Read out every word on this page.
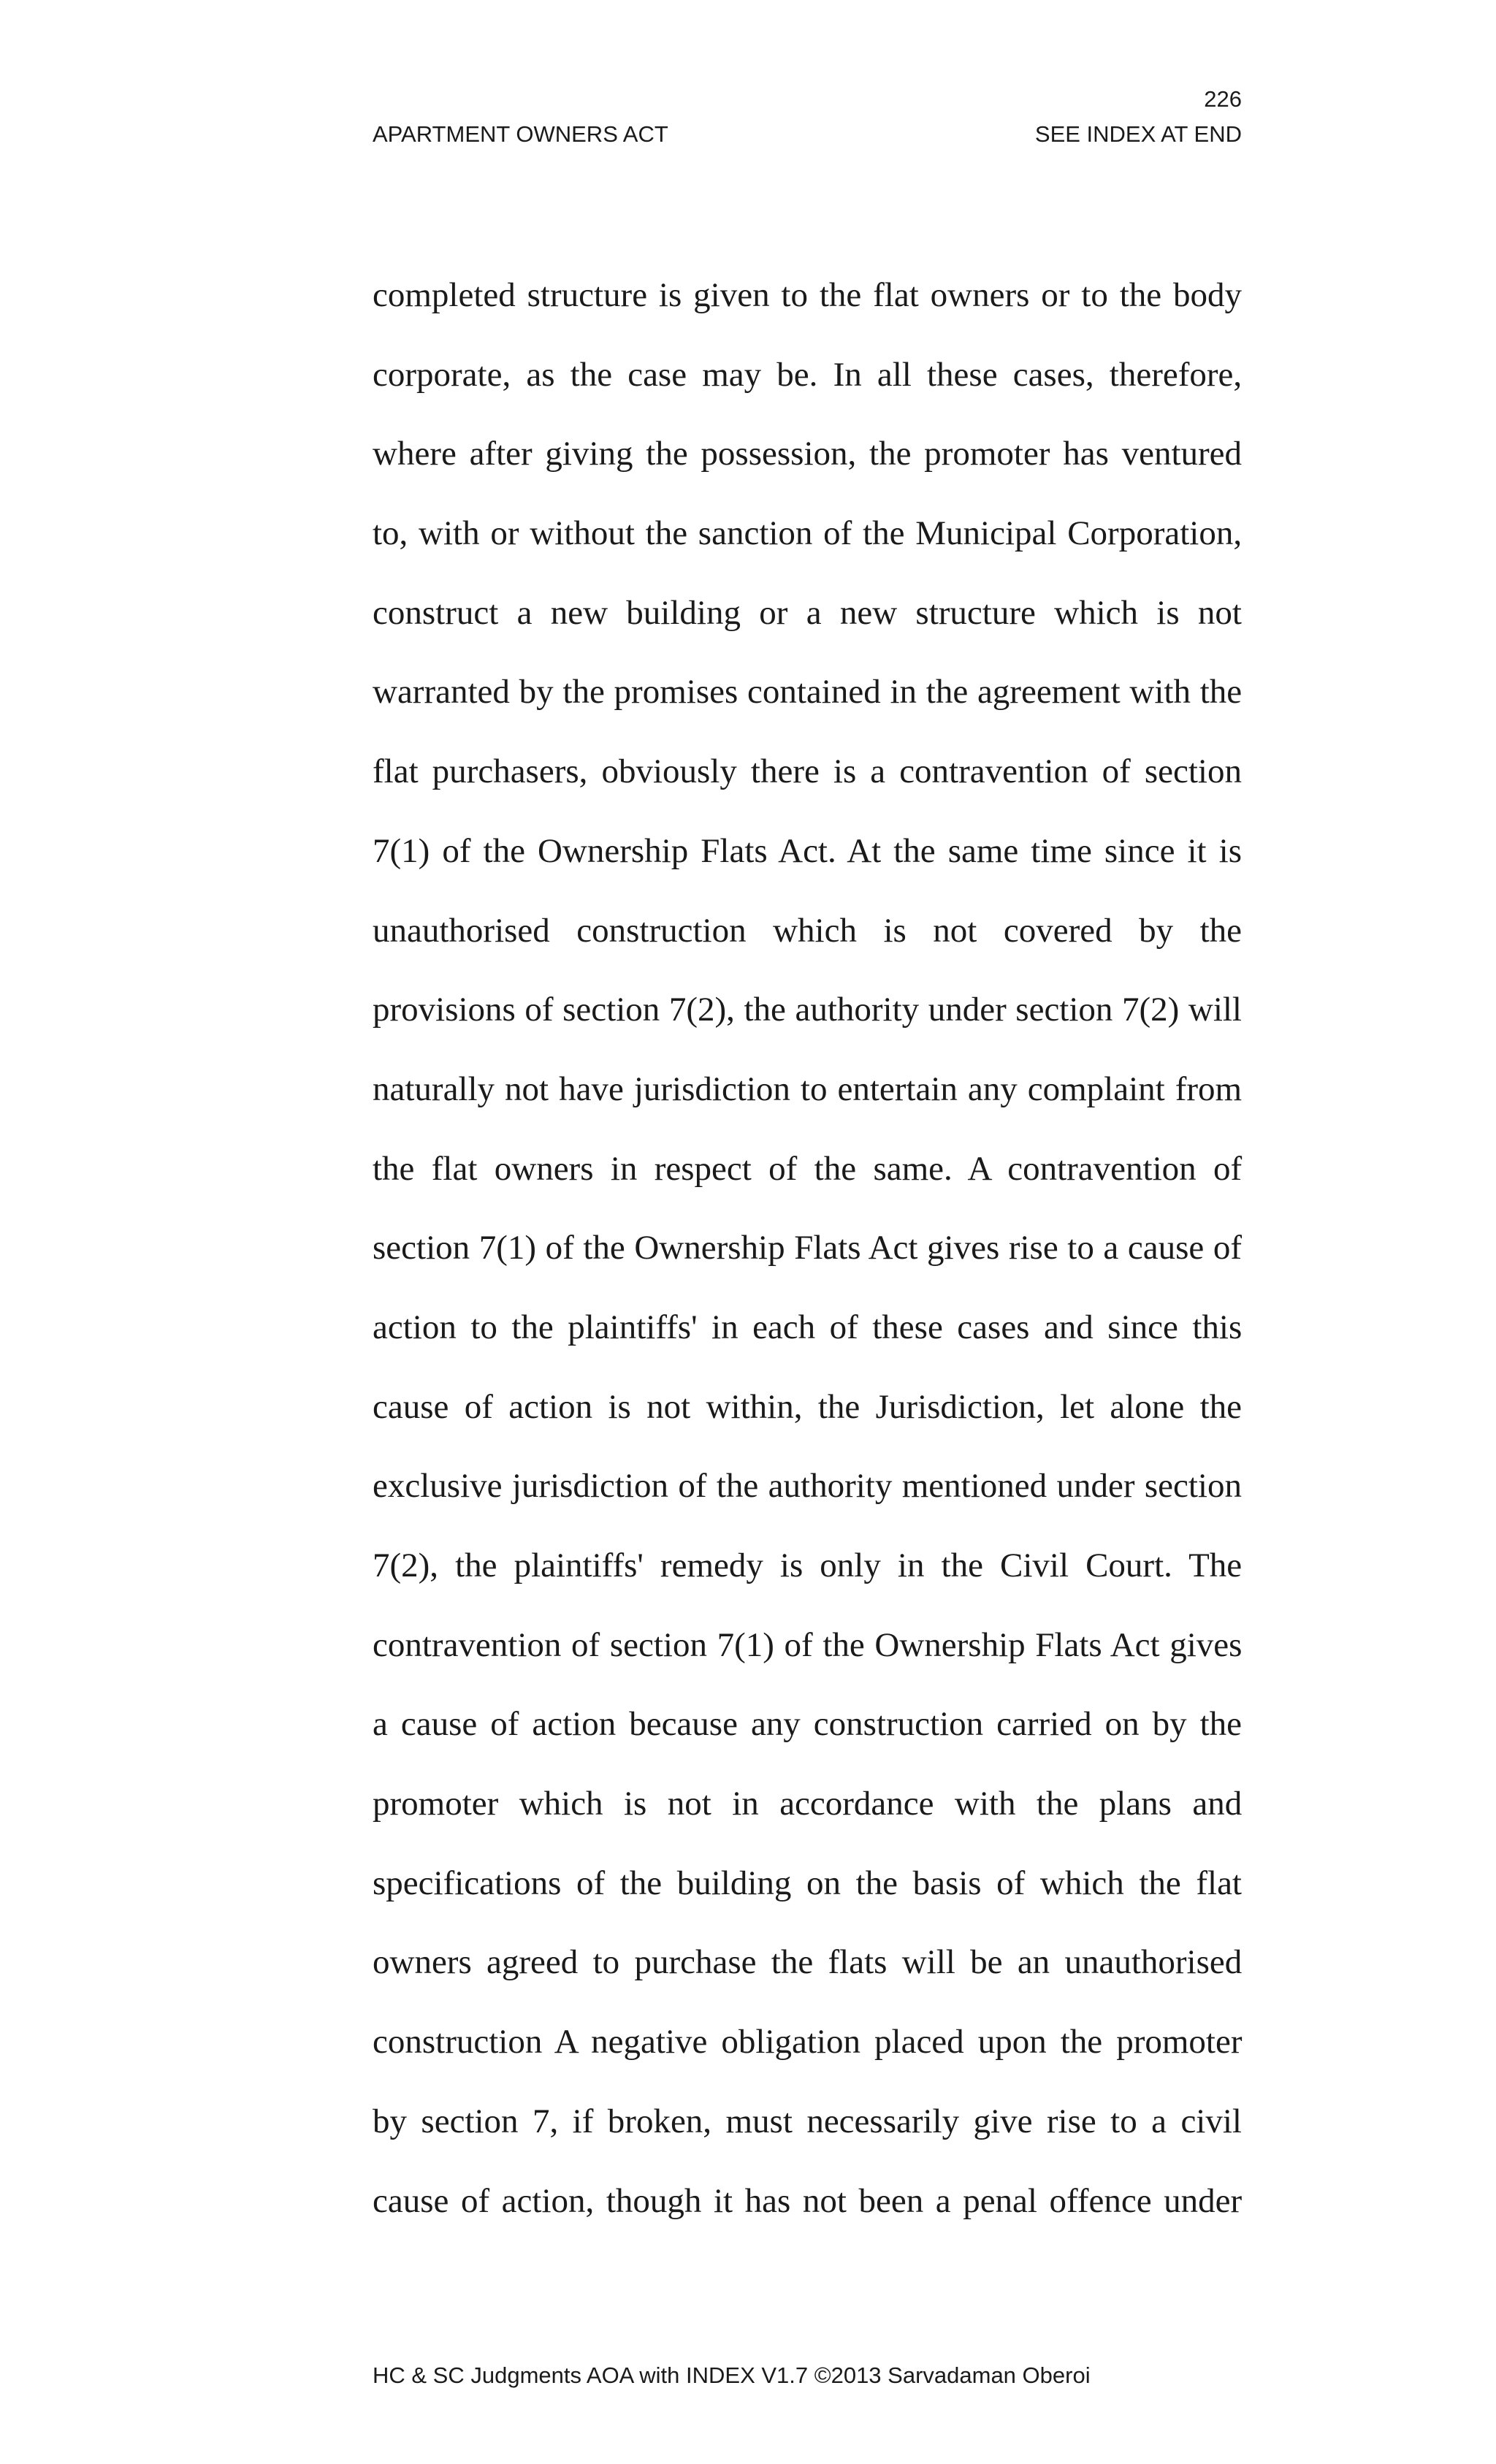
226
APARTMENT OWNERS ACT	SEE INDEX AT END
completed structure is given to the flat owners or to the body
corporate, as the case may be. In all these cases, therefore,
where after giving the possession, the promoter has ventured
to, with or without the sanction of the Municipal Corporation,
construct a new building or a new structure which is not
warranted by the promises contained in the agreement with the
flat purchasers, obviously there is a contravention of section
7(1) of the Ownership Flats Act. At the same time since it is
unauthorised construction which is not covered by the
provisions of section 7(2), the authority under section 7(2) will
naturally not have jurisdiction to entertain any complaint from
the flat owners in respect of the same. A contravention of
section 7(1) of the Ownership Flats Act gives rise to a cause of
action to the plaintiffs' in each of these cases and since this
cause of action is not within, the Jurisdiction, let alone the
exclusive jurisdiction of the authority mentioned under section
7(2), the plaintiffs' remedy is only in the Civil Court. The
contravention of section 7(1) of the Ownership Flats Act gives
a cause of action because any construction carried on by the
promoter which is not in accordance with the plans and
specifications of the building on the basis of which the flat
owners agreed to purchase the flats will be an unauthorised
construction A negative obligation placed upon the promoter
by section 7, if broken, must necessarily give rise to a civil
cause of action, though it has not been a penal offence under
HC & SC Judgments AOA with INDEX V1.7 ©2013 Sarvadaman Oberoi
